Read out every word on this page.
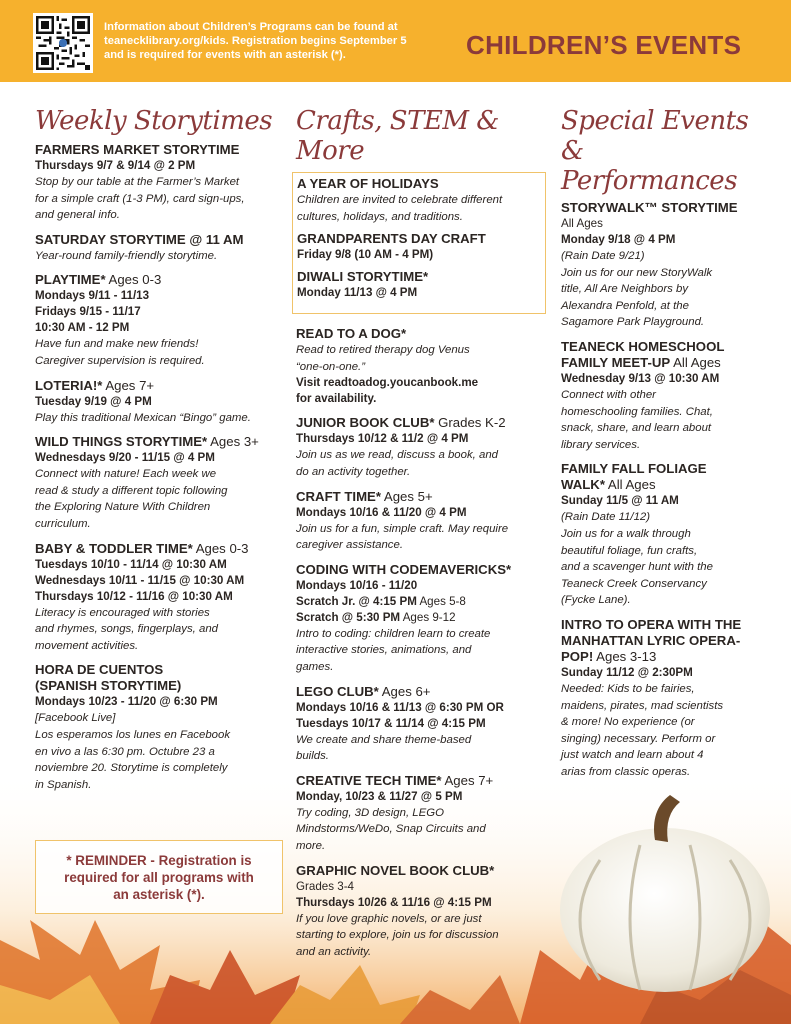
Information about Children’s Programs can be found at
teanecklibrary.org/kids. Registration begins September 5
and is required for events with an asterisk (*).	CHILDREN’S EVENTS
Weekly Storytimes
FARMERS MARKET STORYTIME
Thursdays 9/7 & 9/14 @ 2 PM
Stop by our table at the Farmer’s Market
for a simple craft (1-3 PM), card sign-ups,
and general info.
SATURDAY STORYTIME @ 11 AM
Year-round family-friendly storytime.
PLAYTIME* Ages 0-3
Mondays 9/11 - 11/13
Fridays 9/15 - 11/17
10:30 AM - 12 PM
Have fun and make new friends!
Caregiver supervision is required.
LOTERIA!* Ages 7+
Tuesday 9/19 @ 4 PM
Play this traditional Mexican “Bingo” game.
WILD THINGS STORYTIME* Ages 3+
Wednesdays 9/20 - 11/15 @ 4 PM
Connect with nature! Each week we
read & study a different topic following
the Exploring Nature With Children
curriculum.
BABY & TODDLER TIME* Ages 0-3
Tuesdays 10/10 - 11/14 @ 10:30 AM
Wednesdays 10/11 - 11/15 @ 10:30 AM
Thursdays 10/12 - 11/16 @ 10:30 AM
Literacy is encouraged with stories
and rhymes, songs, fingerplays, and
movement activities.
HORA DE CUENTOS
(SPANISH STORYTIME)
Mondays 10/23 - 11/20 @ 6:30 PM
[Facebook Live]
Los esperamos los lunes en Facebook
en vivo a las 6:30 pm. Octubre 23 a
noviembre 20. Storytime is completely
in Spanish.
Crafts, STEM & More
A YEAR OF HOLIDAYS
Children are invited to celebrate different
cultures, holidays, and traditions.
GRANDPARENTS DAY CRAFT
Friday 9/8 (10 AM - 4 PM)
DIWALI STORYTIME*
Monday 11/13 @ 4 PM
READ TO A DOG*
Read to retired therapy dog Venus
“one-on-one.”
Visit readtoadog.youcanbook.me
for availability.
JUNIOR BOOK CLUB* Grades K-2
Thursdays 10/12 & 11/2 @ 4 PM
Join us as we read, discuss a book, and
do an activity together.
CRAFT TIME* Ages 5+
Mondays 10/16 & 11/20 @ 4 PM
Join us for a fun, simple craft. May require
caregiver assistance.
CODING WITH CODEMAVERICKS*
Mondays 10/16 - 11/20
Scratch Jr. @ 4:15 PM Ages 5-8
Scratch @ 5:30 PM Ages 9-12
Intro to coding: children learn to create
interactive stories, animations, and
games.
LEGO CLUB* Ages 6+
Mondays 10/16 & 11/13 @ 6:30 PM OR
Tuesdays 10/17 & 11/14 @ 4:15 PM
We create and share theme-based
builds.
CREATIVE TECH TIME* Ages 7+
Monday, 10/23 & 11/27 @ 5 PM
Try coding, 3D design, LEGO
Mindstorms/WeDo, Snap Circuits and
more.
GRAPHIC NOVEL BOOK CLUB*
Grades 3-4
Thursdays 10/26 & 11/16 @ 4:15 PM
If you love graphic novels, or are just
starting to explore, join us for discussion
and an activity.
Special Events &
Performances
STORYWALK™ STORYTIME
All Ages
Monday 9/18 @ 4 PM
(Rain Date 9/21)
Join us for our new StoryWalk
title, All Are Neighbors by
Alexandra Penfold, at the
Sagamore Park Playground.
TEANECK HOMESCHOOL
FAMILY MEET-UP All Ages
Wednesday 9/13 @ 10:30 AM
Connect with other
homeschooling families. Chat,
snack, share, and learn about
library services.
FAMILY FALL FOLIAGE
WALK* All Ages
Sunday 11/5 @ 11 AM
(Rain Date 11/12)
Join us for a walk through
beautiful foliage, fun crafts,
and a scavenger hunt with the
Teaneck Creek Conservancy
(Fycke Lane).
INTRO TO OPERA WITH THE
MANHATTAN LYRIC OPERA-
POP! Ages 3-13
Sunday 11/12 @ 2:30PM
Needed: Kids to be fairies,
maidens, pirates, mad scientists
& more! No experience (or
singing) necessary. Perform or
just watch and learn about 4
arias from classic operas.
* REMINDER - Registration is
required for all programs with
an asterisk (*).
